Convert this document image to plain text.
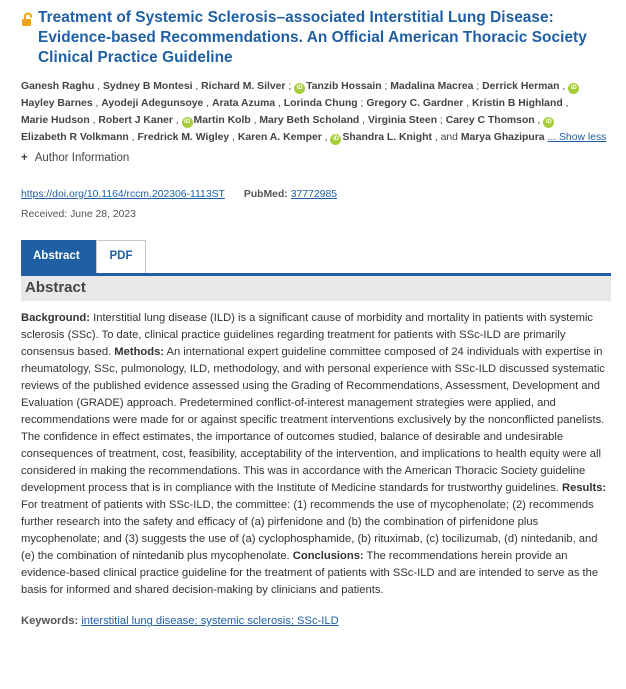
Treatment of Systemic Sclerosis–associated Interstitial Lung Disease: Evidence-based Recommendations. An Official American Thoracic Society Clinical Practice Guideline
Ganesh Raghu , Sydney B Montesi , Richard M. Silver ; iD Tanzib Hossain ; Madalina Macrea ; Derrick Herman , iD
Hayley Barnes , Ayodeji Adegunsoye , Arata Azuma , Lorinda Chung ; Gregory C. Gardner , Kristin B Highland ,
Marie Hudson , Robert J Kaner , iD Martin Kolb , Mary Beth Scholand , Virginia Steen ; Carey C Thomson , iD
Elizabeth R Volkmann , Fredrick M. Wigley , Karen A. Kemper , iD Shandra L. Knight , and Marya Ghazipura ... Show less
+ Author Information
https://doi.org/10.1164/rccm.202306-1113ST PubMed: 37772985
Received: June 28, 2023
Abstract	PDF
Abstract

Background: Interstitial lung disease (ILD) is a significant cause of morbidity and mortality in patients with systemic sclerosis (SSc). To date, clinical practice guidelines regarding treatment for patients with SSc-ILD are primarily consensus based. Methods: An international expert guideline committee composed of 24 individuals with expertise in rheumatology, SSc, pulmonology, ILD, methodology, and with personal experience with SSc-ILD discussed systematic reviews of the published evidence assessed using the Grading of Recommendations, Assessment, Development and Evaluation (GRADE) approach. Predetermined conflict-of-interest management strategies were applied, and recommendations were made for or against specific treatment interventions exclusively by the nonconflicted panelists. The confidence in effect estimates, the importance of outcomes studied, balance of desirable and undesirable consequences of treatment, cost, feasibility, acceptability of the intervention, and implications to health equity were all considered in making the recommendations. This was in accordance with the American Thoracic Society guideline development process that is in compliance with the Institute of Medicine standards for trustworthy guidelines. Results: For treatment of patients with SSc-ILD, the committee: (1) recommends the use of mycophenolate; (2) recommends further research into the safety and efficacy of (a) pirfenidone and (b) the combination of pirfenidone plus mycophenolate; and (3) suggests the use of (a) cyclophosphamide, (b) rituximab, (c) tocilizumab, (d) nintedanib, and (e) the combination of nintedanib plus mycophenolate. Conclusions: The recommendations herein provide an evidence-based clinical practice guideline for the treatment of patients with SSc-ILD and are intended to serve as the basis for informed and shared decision-making by clinicians and patients.

Keywords: interstitial lung disease; systemic sclerosis; SSc-ILD
